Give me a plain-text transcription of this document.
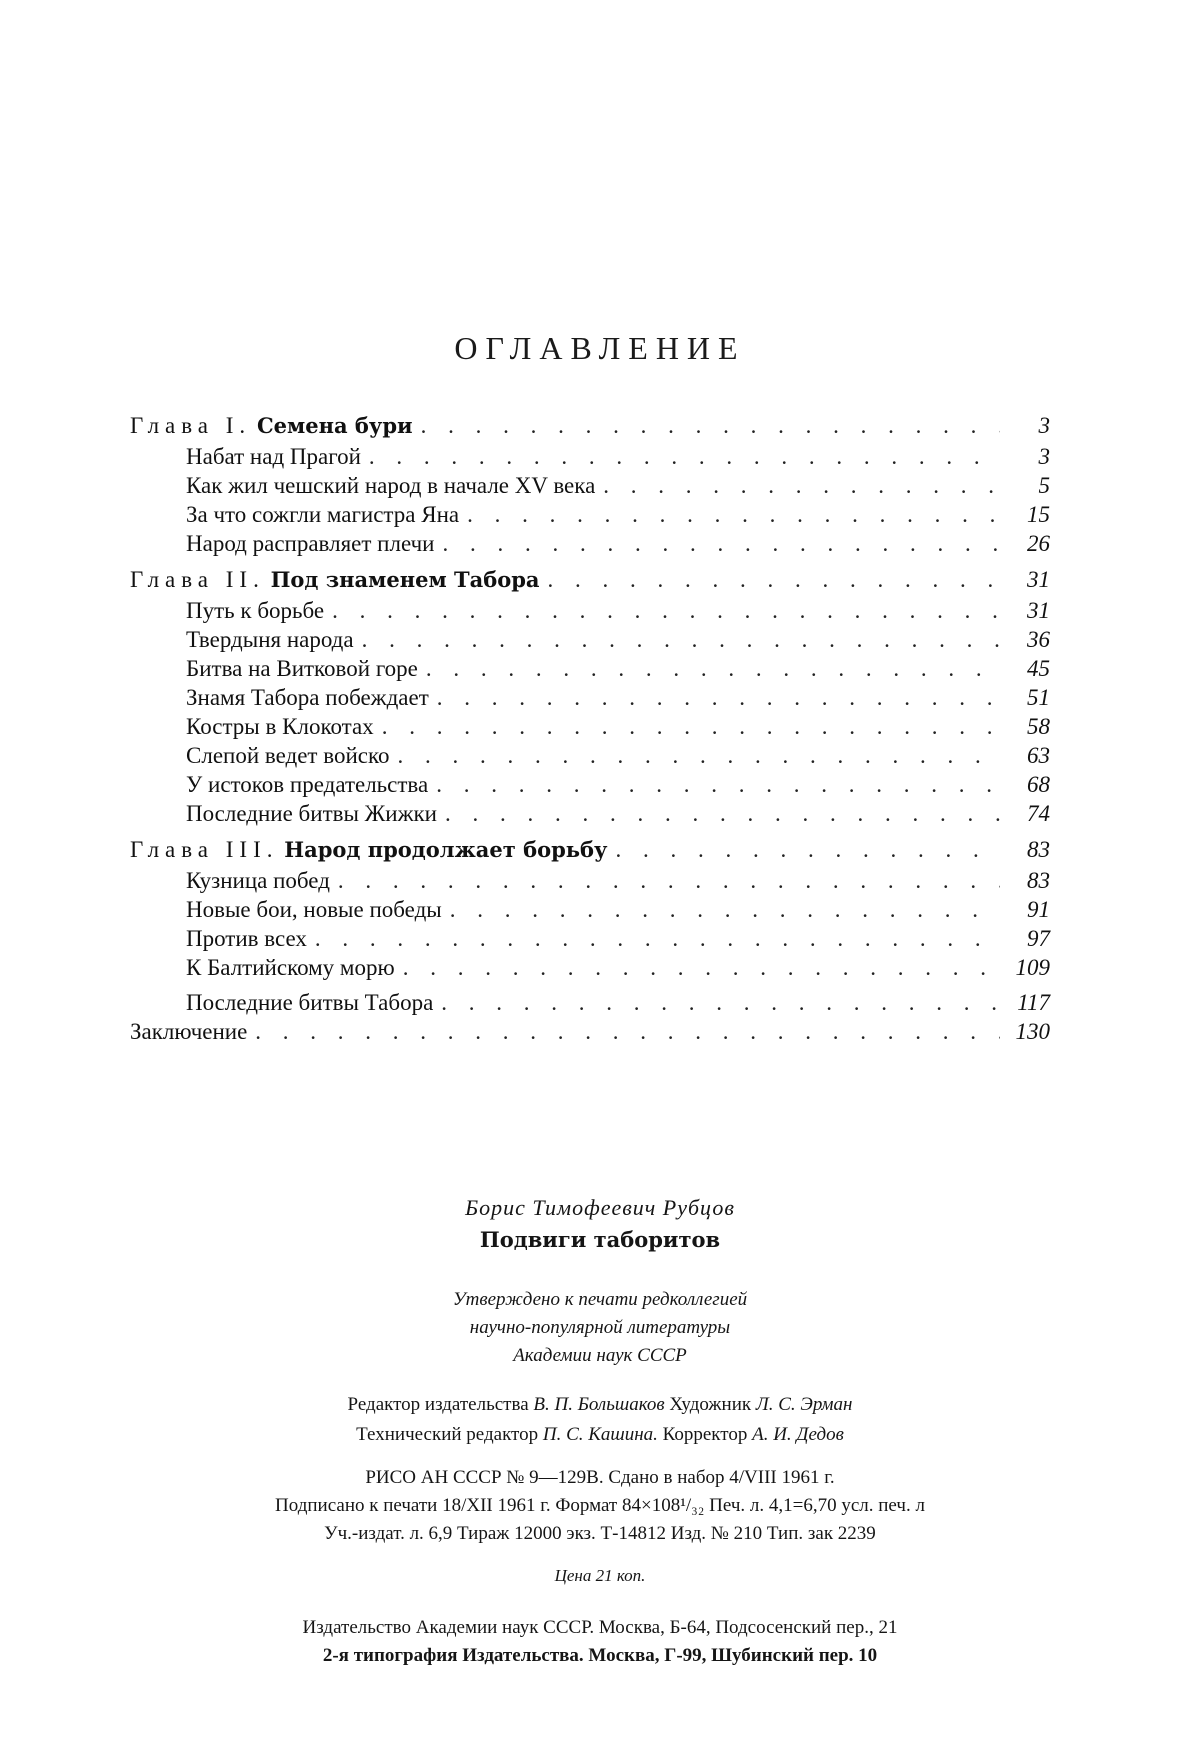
ОГЛАВЛЕНИЕ
Глава I. Семена бури . . .	3
Набат над Прагой . . .	3
Как жил чешский народ в начале XV века . . .	5
За что сожгли магистра Яна . . .	15
Народ расправляет плечи . . .	26
Глава II. Под знаменем Табора . . .	31
Путь к борьбе . . .	31
Твердыня народа . . .	36
Битва на Витковой горе . . .	45
Знамя Табора побеждает . . .	51
Костры в Клокотах . . .	58
Слепой ведет войско . . .	63
У истоков предательства . . .	68
Последние битвы Жижки . . .	74
Глава III. Народ продолжает борьбу . . .	83
Кузница побед . . .	83
Новые бои, новые победы . . .	91
Против всех . . .	97
К Балтийскому морю . . .	109
Последние битвы Табора . . .	117
Заключение . . .	130
Борис Тимофеевич Рубцов
Подвиги таборитов
Утверждено к печати редколлегией
научно-популярной литературы
Академии наук СССР
Редактор издательства В. П. Большаков Художник Л. С. Эрман
Технический редактор П. С. Кашина. Корректор А. И. Дедов
РИСО АН СССР № 9—129В. Сдано в набор 4/VIII 1961 г.
Подписано к печати 18/XII 1961 г. Формат 84×108¹/₃₂ Печ. л. 4,1=6,70 усл. печ. л
Уч.-издат. л. 6,9 Тираж 12000 экз. Т-14812 Изд. № 210 Тип. зак 2239
Цена 21 коп.
Издательство Академии наук СССР. Москва, Б-64, Подсосенский пер., 21
2-я типография Издательства. Москва, Г-99, Шубинский пер. 10
